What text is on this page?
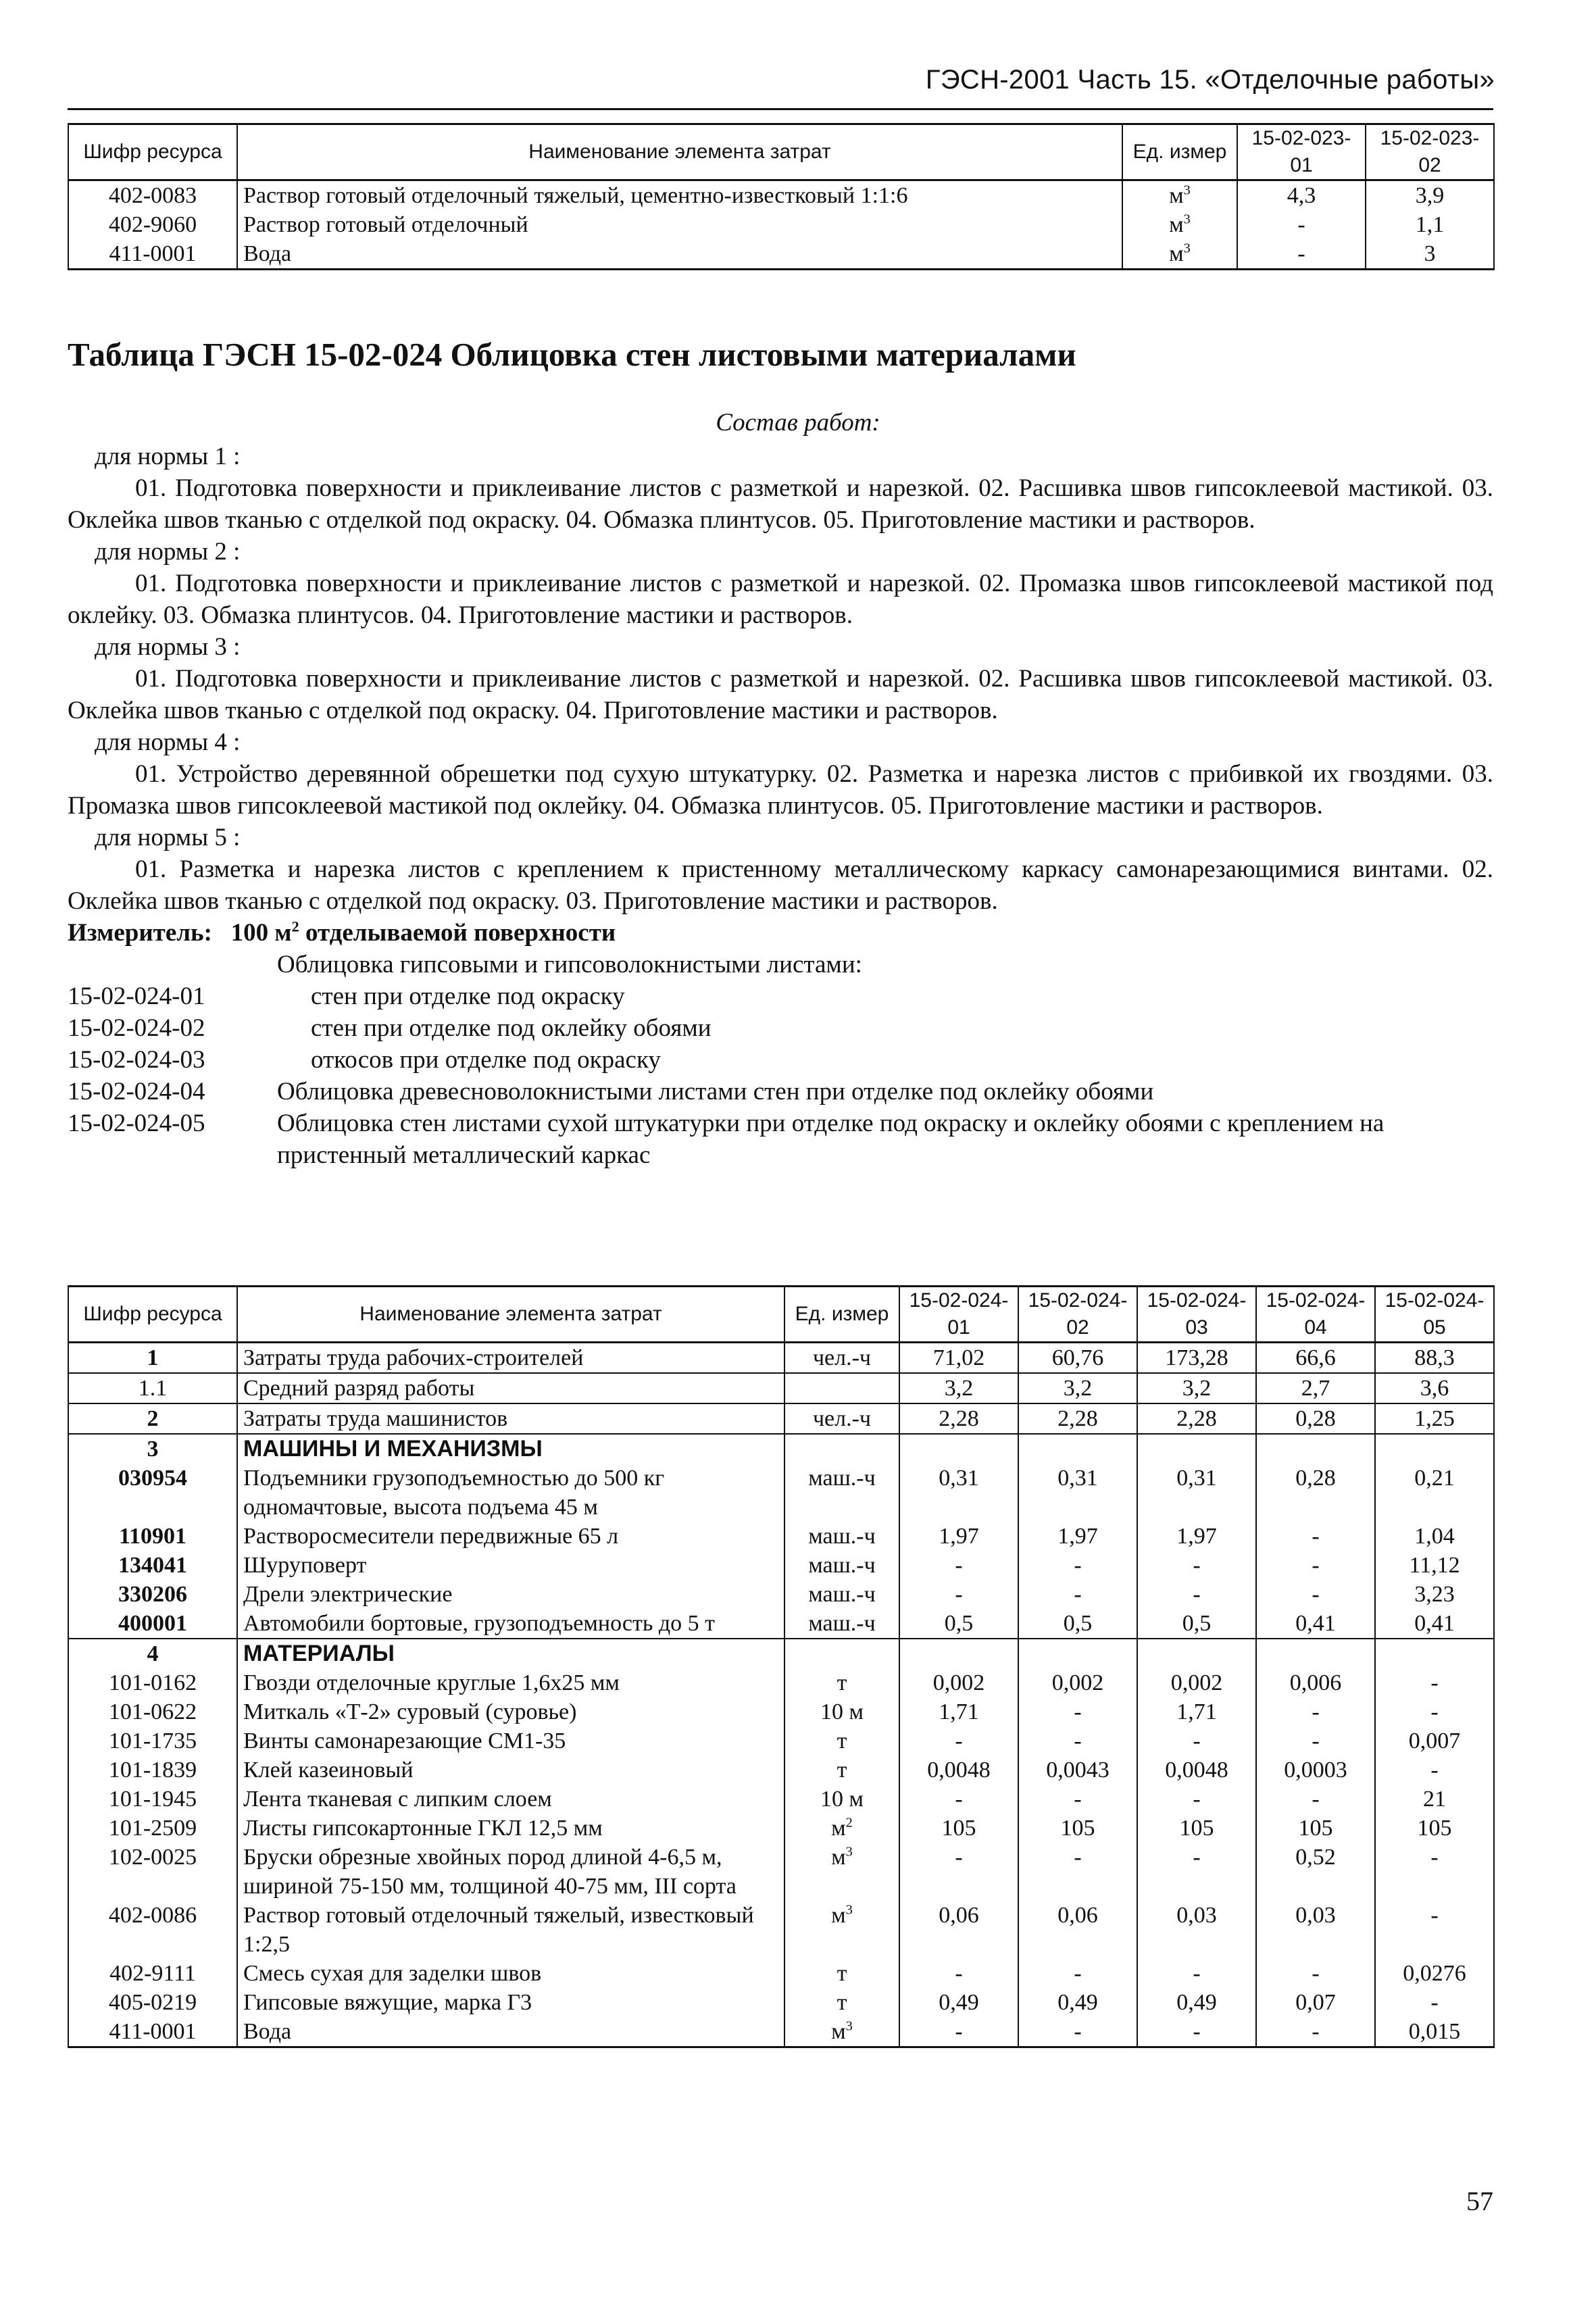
ГЭСН-2001 Часть 15. «Отделочные работы»
Шифр ресурса	Наименование элемента затрат	Ед. измер	15-02-023-01	15-02-023-02
402-0083	Раствор готовый отделочный тяжелый, цементно-известковый 1:1:6	$м^3$	4,3	3,9
402-9060	Раствор готовый отделочный	$м^3$	-	1,1
411-0001	Вода	$м^3$	-	3
Таблица ГЭСН 15-02-024 Облицовка стен листовыми материалами
Состав работ:

для нормы 1 :

01. Подготовка поверхности и приклеивание листов с разметкой и нарезкой. 02. Расшивка швов гипсоклеевой мастикой. 03. Оклейка швов тканью с отделкой под окраску. 04. Обмазка плинтусов. 05. Приготовление мастики и растворов.

для нормы 2 :

01. Подготовка поверхности и приклеивание листов с разметкой и нарезкой. 02. Промазка швов гипсоклеевой мастикой под оклейку. 03. Обмазка плинтусов. 04. Приготовление мастики и растворов.

для нормы 3 :

01. Подготовка поверхности и приклеивание листов с разметкой и нарезкой. 02. Расшивка швов гипсоклеевой мастикой. 03. Оклейка швов тканью с отделкой под окраску. 04. Приготовление мастики и растворов.

для нормы 4 :

01. Устройство деревянной обрешетки под сухую штукатурку. 02. Разметка и нарезка листов с прибивкой их гвоздями. 03. Промазка швов гипсоклеевой мастикой под оклейку. 04. Обмазка плинтусов. 05. Приготовление мастики и растворов.

для нормы 5 :

01. Разметка и нарезка листов с креплением к пристенному металлическому каркасу самонарезающимися винтами. 02. Оклейка швов тканью с отделкой под окраску. 03. Приготовление мастики и растворов.

Измеритель: 100 $м^2$ отделываемой поверхности

Облицовка гипсовыми и гипсоволокнистыми листами:
15-02-024-01	стен при отделке под окраску
15-02-024-02	стен при отделке под оклейку обоями
15-02-024-03	откосов при отделке под окраску
15-02-024-04	Облицовка древесноволокнистыми листами стен при отделке под оклейку обоями
15-02-024-05	Облицовка стен листами сухой штукатурки при отделке под окраску и оклейку обоями с креплением на пристенный металлический каркас
Шифр ресурса	Наименование элемента затрат	Ед. измер	15-02-024-01	15-02-024-02	15-02-024-03	15-02-024-04	15-02-024-05
1	Затраты труда рабочих-строителей	чел.-ч	71,02	60,76	173,28	66,6	88,3
1.1	Средний разряд работы		3,2	3,2	3,2	2,7	3,6
2	Затраты труда машинистов	чел.-ч	2,28	2,28	2,28	0,28	1,25
3	МАШИНЫ И МЕХАНИЗМЫ						
030954	Подъемники грузоподъемностью до 500 кг одномачтовые, высота подъема 45 м	маш.-ч	0,31	0,31	0,31	0,28	0,21
110901	Растворосмесители передвижные 65 л	маш.-ч	1,97	1,97	1,97	-	1,04
134041	Шуруповерт	маш.-ч	-	-	-	-	11,12
330206	Дрели электрические	маш.-ч	-	-	-	-	3,23
400001	Автомобили бортовые, грузоподъемность до 5 т	маш.-ч	0,5	0,5	0,5	0,41	0,41
4	МАТЕРИАЛЫ						
101-0162	Гвозди отделочные круглые 1,6х25 мм	т	0,002	0,002	0,002	0,006	-
101-0622	Миткаль «Т-2» суровый (суровье)	10 м	1,71	-	1,71	-	-
101-1735	Винты самонарезающие СМ1-35	т	-	-	-	-	0,007
101-1839	Клей казеиновый	т	0,0048	0,0043	0,0048	0,0003	-
101-1945	Лента тканевая с липким слоем	10 м	-	-	-	-	21
101-2509	Листы гипсокартонные ГКЛ 12,5 мм	$м^2$	105	105	105	105	105
102-0025	Бруски обрезные хвойных пород длиной 4-6,5 м, шириной 75-150 мм, толщиной 40-75 мм, III сорта	$м^3$	-	-	-	0,52	-
402-0086	Раствор готовый отделочный тяжелый, известковый 1:2,5	$м^3$	0,06	0,06	0,03	0,03	-
402-9111	Смесь сухая для заделки швов	т	-	-	-	-	0,0276
405-0219	Гипсовые вяжущие, марка Г3	т	0,49	0,49	0,49	0,07	-
411-0001	Вода	$м^3$	-	-	-	-	0,015
57
